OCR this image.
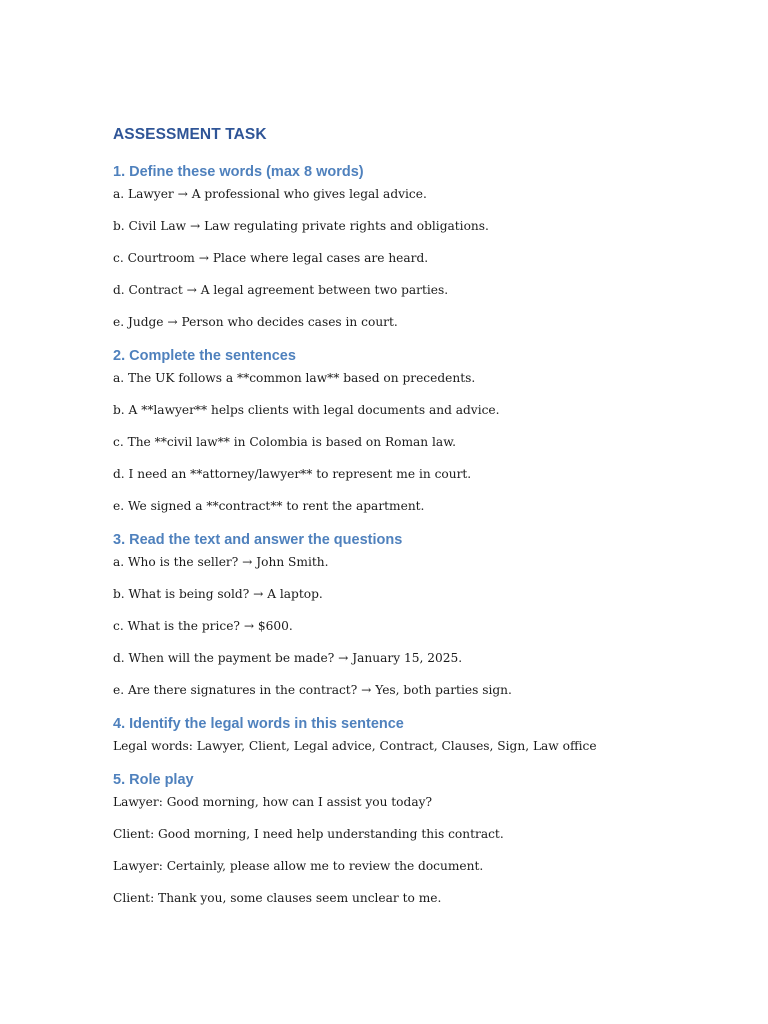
ASSESSMENT TASK
1. Define these words (max 8 words)

a. Lawyer → A professional who gives legal advice.

b. Civil Law → Law regulating private rights and obligations.

c. Courtroom → Place where legal cases are heard.

d. Contract → A legal agreement between two parties.

e. Judge → Person who decides cases in court.

2. Complete the sentences

a. The UK follows a **common law** based on precedents.

b. A **lawyer** helps clients with legal documents and advice.

c. The **civil law** in Colombia is based on Roman law.

d. I need an **attorney/lawyer** to represent me in court.

e. We signed a **contract** to rent the apartment.

3. Read the text and answer the questions

a. Who is the seller? → John Smith.

b. What is being sold? → A laptop.

c. What is the price? → $600.

d. When will the payment be made? → January 15, 2025.

e. Are there signatures in the contract? → Yes, both parties sign.

4. Identify the legal words in this sentence

Legal words: Lawyer, Client, Legal advice, Contract, Clauses, Sign, Law office

5. Role play

Lawyer: Good morning, how can I assist you today?

Client: Good morning, I need help understanding this contract.

Lawyer: Certainly, please allow me to review the document.

Client: Thank you, some clauses seem unclear to me.
